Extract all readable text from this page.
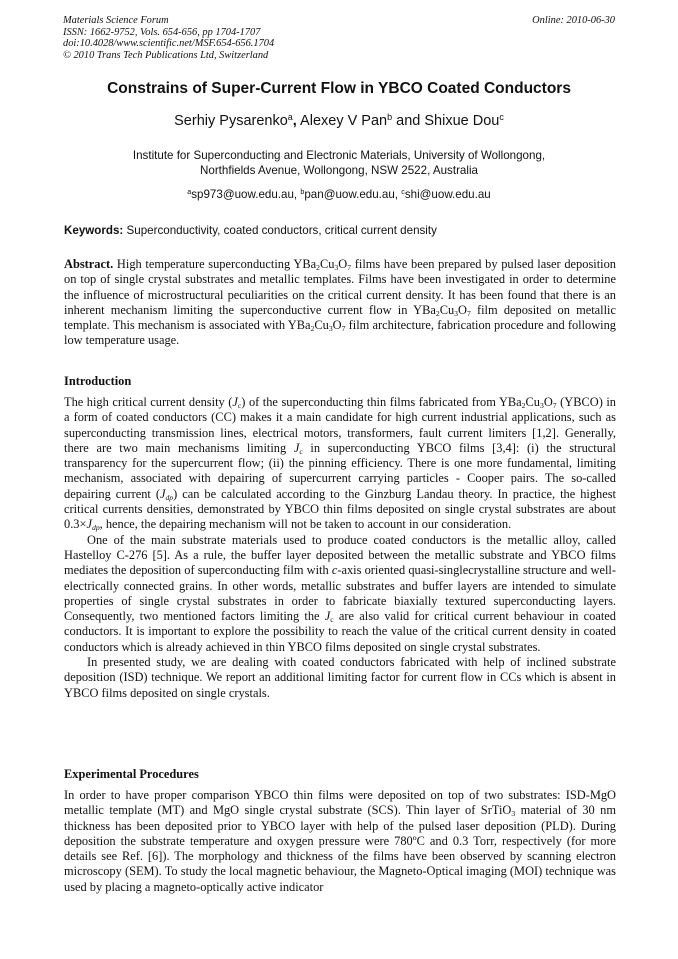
Materials Science Forum
ISSN: 1662-9752, Vols. 654-656, pp 1704-1707
doi:10.4028/www.scientific.net/MSF.654-656.1704
© 2010 Trans Tech Publications Ltd, Switzerland
Online: 2010-06-30
Constrains of Super-Current Flow in YBCO Coated Conductors
Serhiy Pysarenko$^a$, Alexey V Pan$^b$ and Shixue Dou$^c$
Institute for Superconducting and Electronic Materials, University of Wollongong,
Northfields Avenue, Wollongong, NSW 2522, Australia
$^a$sp973@uow.edu.au, $^b$pan@uow.edu.au, $^c$shi@uow.edu.au
Keywords: Superconductivity, coated conductors, critical current density

Abstract. High temperature superconducting $YBa_2Cu_3O_7$ films have been prepared by pulsed laser deposition on top of single crystal substrates and metallic templates. Films have been investigated in order to determine the influence of microstructural peculiarities on the critical current density. It has been found that there is an inherent mechanism limiting the superconductive current flow in $YBa_2Cu_3O_7$ film deposited on metallic template. This mechanism is associated with $YBa_2Cu_3O_7$ film architecture, fabrication procedure and following low temperature usage.

Introduction

The high critical current density $(J_c)$ of the superconducting thin films fabricated from $YBa_2Cu_3O_7$ (YBCO) in a form of coated conductors (CC) makes it a main candidate for high current industrial applications, such as superconducting transmission lines, electrical motors, transformers, fault current limiters [1,2]. Generally, there are two main mechanisms limiting $J_c$ in superconducting YBCO films [3,4]: (i) the structural transparency for the supercurrent flow; (ii) the pinning efficiency. There is one more fundamental, limiting mechanism, associated with depairing of supercurrent carrying particles - Cooper pairs. The so-called depairing current $(J_{dp})$ can be calculated according to the Ginzburg Landau theory. In practice, the highest critical currents densities, demonstrated by YBCO thin films deposited on single crystal substrates are about $0.3\times J_{dp}$, hence, the depairing mechanism will not be taken to account in our consideration.

One of the main substrate materials used to produce coated conductors is the metallic alloy, called Hastelloy C-276 [5]. As a rule, the buffer layer deposited between the metallic substrate and YBCO films mediates the deposition of superconducting film with c-axis oriented quasi-singlecrystalline structure and well-electrically connected grains. In other words, metallic substrates and buffer layers are intended to simulate properties of single crystal substrates in order to fabricate biaxially textured superconducting layers. Consequently, two mentioned factors limiting the $J_c$ are also valid for critical current behaviour in coated conductors. It is important to explore the possibility to reach the value of the critical current density in coated conductors which is already achieved in thin YBCO films deposited on single crystal substrates.

In presented study, we are dealing with coated conductors fabricated with help of inclined substrate deposition (ISD) technique. We report an additional limiting factor for current flow in CCs which is absent in YBCO films deposited on single crystals.

Experimental Procedures

In order to have proper comparison YBCO thin films were deposited on top of two substrates: ISD-MgO metallic template (MT) and MgO single crystal substrate (SCS). Thin layer of SrTiO$_3$ material of 30 nm thickness has been deposited prior to YBCO layer with help of the pulsed laser deposition (PLD). During deposition the substrate temperature and oxygen pressure were 780ºC and 0.3 Torr, respectively (for more details see Ref. [6]). The morphology and thickness of the films have been observed by scanning electron microscopy (SEM). To study the local magnetic behaviour, the Magneto-Optical imaging (MOI) technique was used by placing a magneto-optically active indicator
